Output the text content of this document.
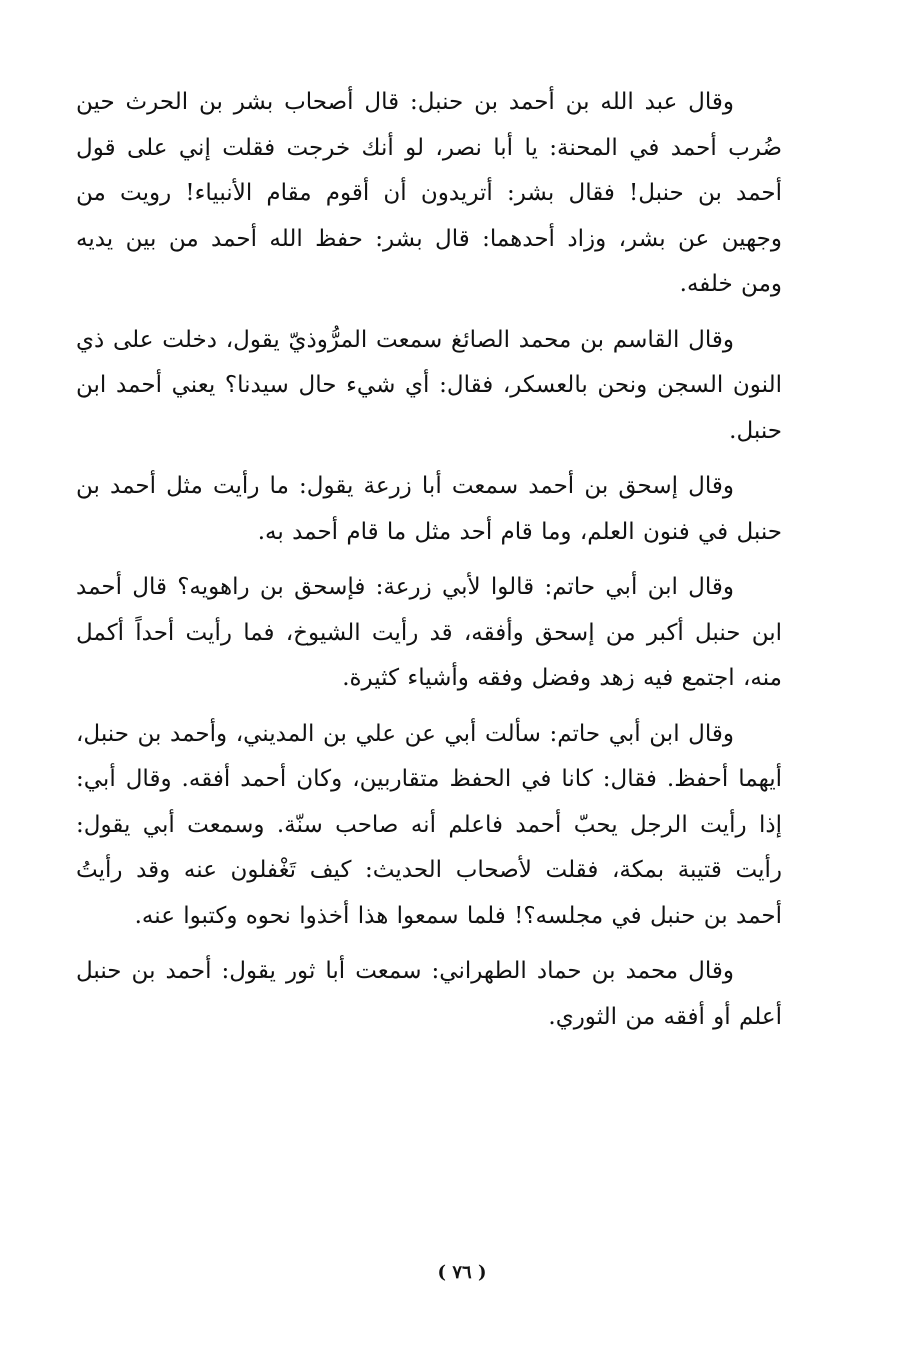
وقال عبد الله بن أحمد بن حنبل: قال أصحاب بشر بن الحرث حين ضُرب أحمد في المحنة: يا أبا نصر، لو أنك خرجت فقلت إني على قول أحمد بن حنبل! فقال بشر: أتريدون أن أقوم مقام الأنبياء! رويت من وجهين عن بشر، وزاد أحدهما: قال بشر: حفظ الله أحمد من بين يديه ومن خلفه.

وقال القاسم بن محمد الصائغ سمعت المرُّوذيّ يقول، دخلت على ذي النون السجن ونحن بالعسكر، فقال: أي شيء حال سيدنا؟ يعني أحمد ابن حنبل.

وقال إسحق بن أحمد سمعت أبا زرعة يقول: ما رأيت مثل أحمد بن حنبل في فنون العلم، وما قام أحد مثل ما قام أحمد به.

وقال ابن أبي حاتم: قالوا لأبي زرعة: فإسحق بن راهويه؟ قال أحمد ابن حنبل أكبر من إسحق وأفقه، قد رأيت الشيوخ، فما رأيت أحداً أكمل منه، اجتمع فيه زهد وفضل وفقه وأشياء كثيرة.

وقال ابن أبي حاتم: سألت أبي عن علي بن المديني، وأحمد بن حنبل، أيهما أحفظ. فقال: كانا في الحفظ متقاربين، وكان أحمد أفقه. وقال أبي: إذا رأيت الرجل يحبّ أحمد فاعلم أنه صاحب سنّة. وسمعت أبي يقول: رأيت قتيبة بمكة، فقلت لأصحاب الحديث: كيف تَغْفلون عنه وقد رأيتُ أحمد بن حنبل في مجلسه؟! فلما سمعوا هذا أخذوا نحوه وكتبوا عنه.

وقال محمد بن حماد الطهراني: سمعت أبا ثور يقول: أحمد بن حنبل أعلم أو أفقه من الثوري.

( ٧٦ )
